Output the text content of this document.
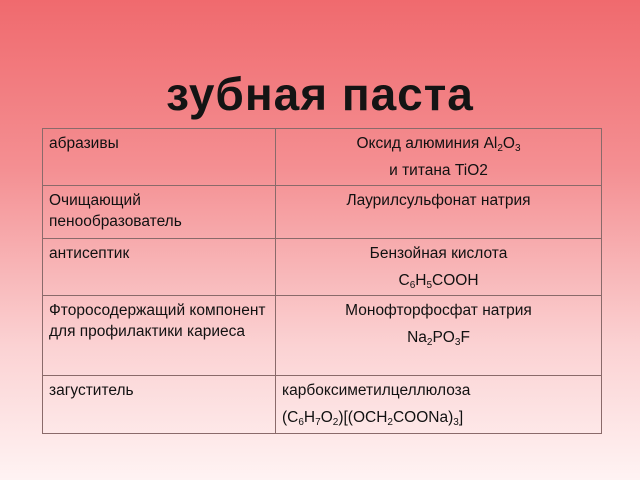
зубная паста
абразивы	Оксид алюминия $Al_2O_3$
и титана TiO2

Очищающий пенообразователь	Лаурилсульфонат натрия

антисептик	Бензойная кислота
$C_6H_5COOH$

Фторосодержащий компонент для профилактики кариеса	Монофторфосфат натрия
$Na_2PO_3F$

загуститель	карбоксиметилцеллюлоза
$(C_6H_7O_2)[(OCH_2COONa)_3]$
